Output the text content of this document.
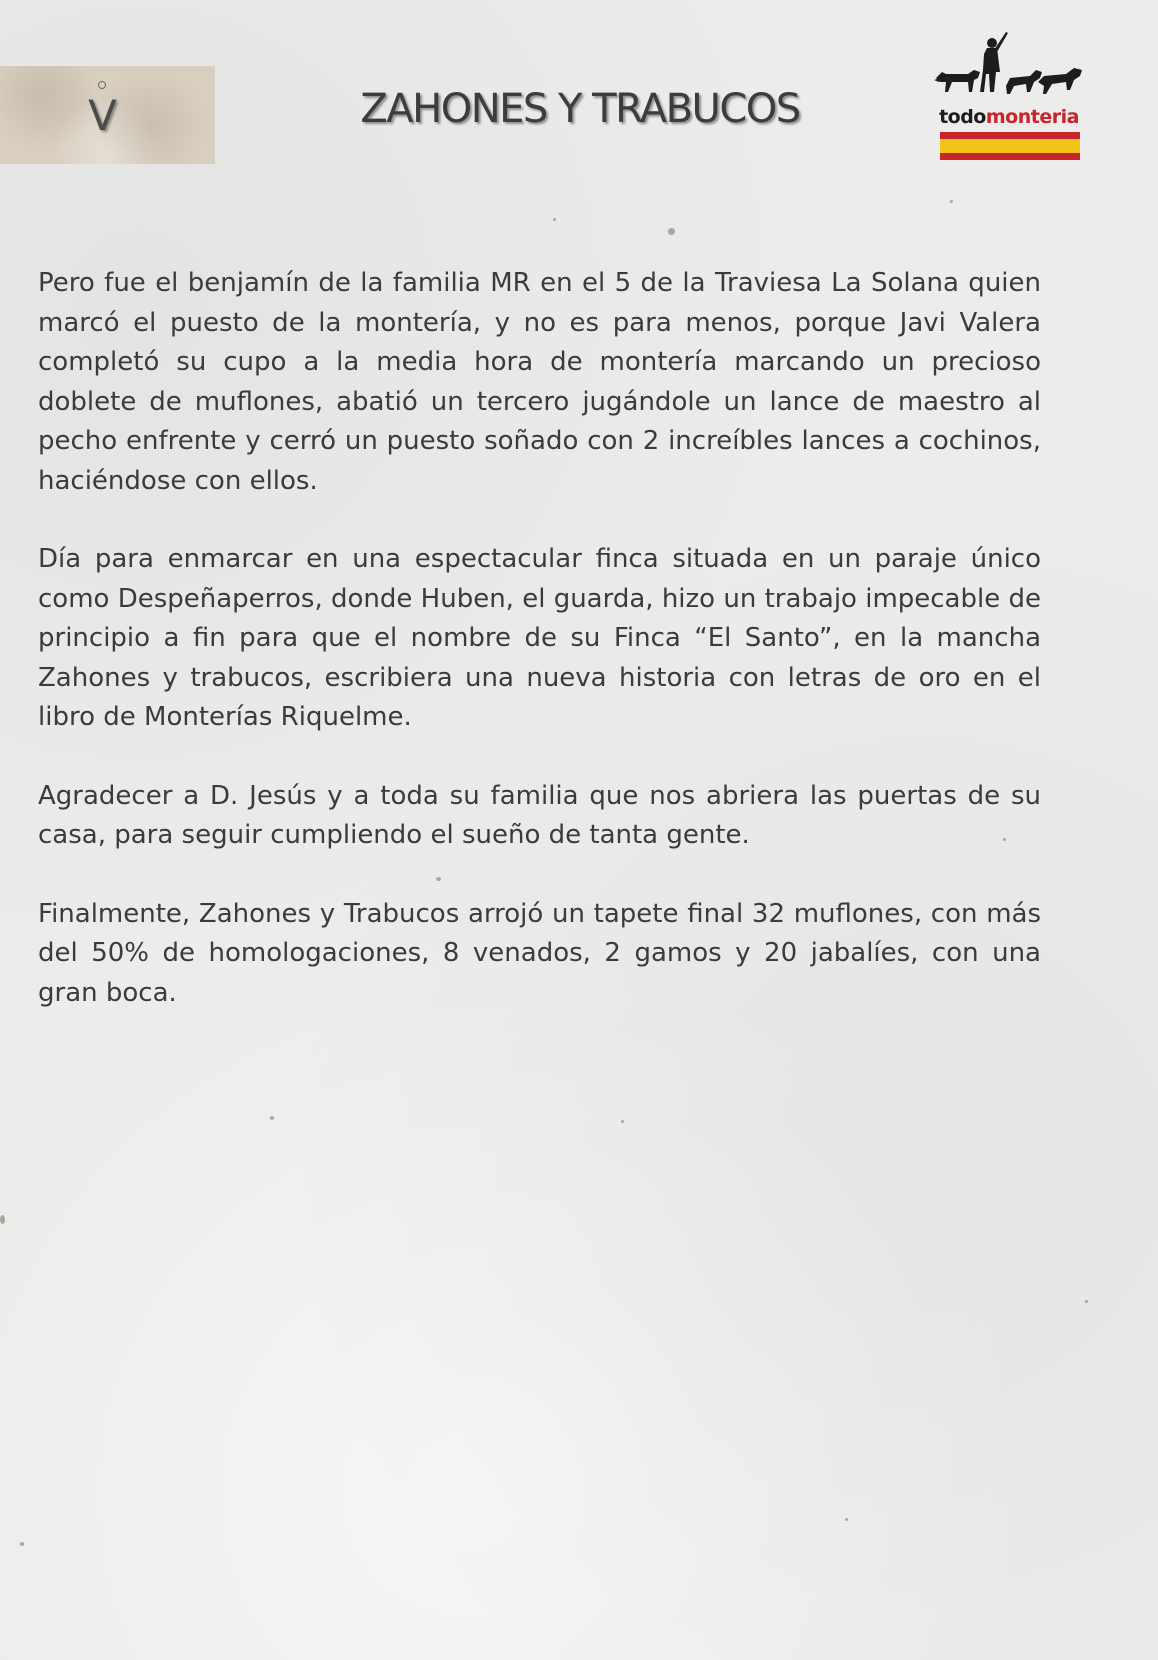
V	ZAHONES Y TRABUCOS	todomonteria

Pero fue el benjamín de la familia MR en el 5 de la Traviesa La Solana quien marcó el puesto de la montería, y no es para menos, porque Javi Valera completó su cupo a la media hora de montería marcando un precioso doblete de muflones, abatió un tercero jugándole un lance de maestro al pecho enfrente y cerró un puesto soñado con 2 increíbles lances a cochinos, haciéndose con ellos.

Día para enmarcar en una espectacular finca situada en un paraje único como Despeñaperros, donde Huben, el guarda, hizo un trabajo impecable de principio a fin para que el nombre de su Finca “El Santo”, en la mancha Zahones y trabucos, escribiera una nueva historia con letras de oro en el libro de Monterías Riquelme.

Agradecer a D. Jesús y a toda su familia que nos abriera las puertas de su casa, para seguir cumpliendo el sueño de tanta gente.

Finalmente, Zahones y Trabucos arrojó un tapete final 32 muflones, con más del 50% de homologaciones, 8 venados, 2 gamos y 20 jabalíes, con una gran boca.
